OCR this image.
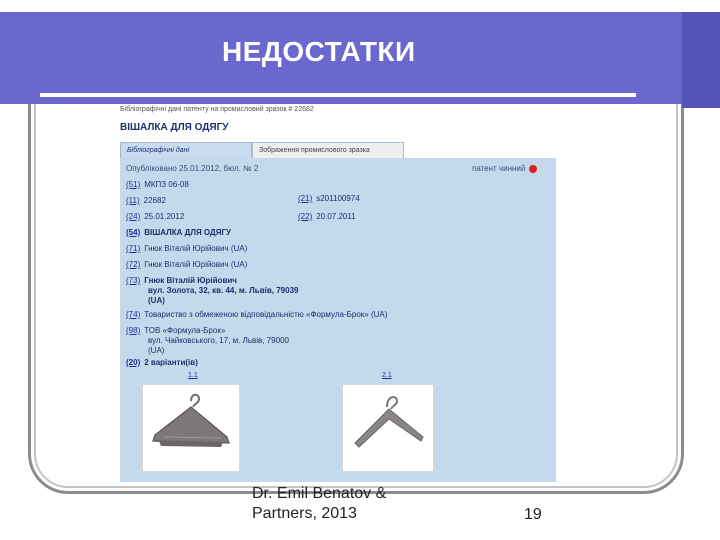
НЕДОСТАТКИ
Бібліографічні дані патенту на промисловий зразок # 22682
ВІШАЛКА ДЛЯ ОДЯГУ
Бібліографічні дані	Зображення промислового зразка
Опубліковано 25.01.2012, бюл. № 2	патент чинний
(51) МКПЗ 06-08
(11) 22682	(21) s201100974
(24) 25.01.2012	(22) 20.07.2011
(54) ВІШАЛКА ДЛЯ ОДЯГУ
(71) Гнюк Віталій Юрійович (UA)
(72) Гнюк Віталій Юрійович (UA)
(73) Гнюк Віталій Юрійович
вул. Золота, 32, кв. 44, м. Львів, 79039
(UA)
(74) Товариство з обмеженою відповідальністю «Формула-Брок» (UA)
(98) ТОВ «Формула-Брок»
вул. Чайковського, 17, м. Львів, 79000
(UA)
(20) 2 варіанти(ів)
1.1	2.1
Dr. Emil Benatov & Partners, 2013	19
